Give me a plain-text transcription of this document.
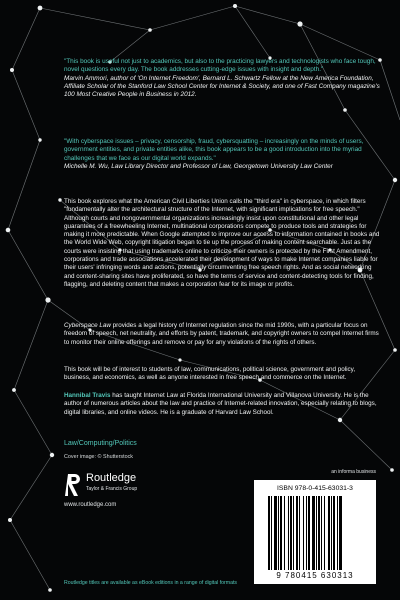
"This book is useful not just to academics, but also to the practicing lawyers and technologists who face tough, novel questions every day. The book addresses cutting-edge issues with insight and depth."
Marvin Ammori, author of 'On Internet Freedom', Bernard L. Schwartz Fellow at the New America Foundation, Affiliate Scholar of the Stanford Law School Center for Internet & Society, and one of Fast Company magazine's 100 Most Creative People in Business in 2012.
"With cyberspace issues – privacy, censorship, fraud, cybersquatting – increasingly on the minds of users, government entities, and private entities alike, this book appears to be a good introduction into the myriad challenges that we face as our digital world expands."
Michelle M. Wu, Law Library Director and Professor of Law, Georgetown University Law Center

This book explores what the American Civil Liberties Union calls the "third era" in cyberspace, in which filters "fundamentally alter the architectural structure of the Internet, with significant implications for free speech." Although courts and nongovernmental organizations increasingly insist upon constitutional and other legal guarantees of a freewheeling Internet, multinational corporations compete to produce tools and strategies for making it more predictable. When Google attempted to improve our access to information contained in books and the World Wide Web, copyright litigation began to tie up the process of making content searchable. Just as the courts were insisting that using trademarks online to criticize their owners is protected by the First Amendment, corporations and trade associations accelerated their development of ways to make Internet companies liable for their users' infringing words and actions, potentially circumventing free speech rights. And as social networking and content-sharing sites have proliferated, so have the terms of service and content-detecting tools for finding, flagging, and deleting content that makes a corporation fear for its image or profits.

Cyberspace Law provides a legal history of Internet regulation since the mid 1990s, with a particular focus on freedom of speech, net neutrality, and efforts by patent, trademark, and copyright owners to compel Internet firms to monitor their online offerings and remove or pay for any violations of the rights of others.

This book will be of interest to students of law, communications, political science, government and policy, business, and economics, as well as anyone interested in free speech and commerce on the Internet.

Hannibal Travis has taught Internet Law at Florida International University and Villanova University. He is the author of numerous articles about the law and practice of Internet-related innovation, especially relating to blogs, digital libraries, and online videos. He is a graduate of Harvard Law School.

Law/Computing/Politics
Cover image: © Shutterstock
Routledge
Taylor & Francis Group
www.routledge.com
an informa business
ISBN 978-0-415-63031-3
9 780415 630313
Routledge titles are available as eBook editions in a range of digital formats
